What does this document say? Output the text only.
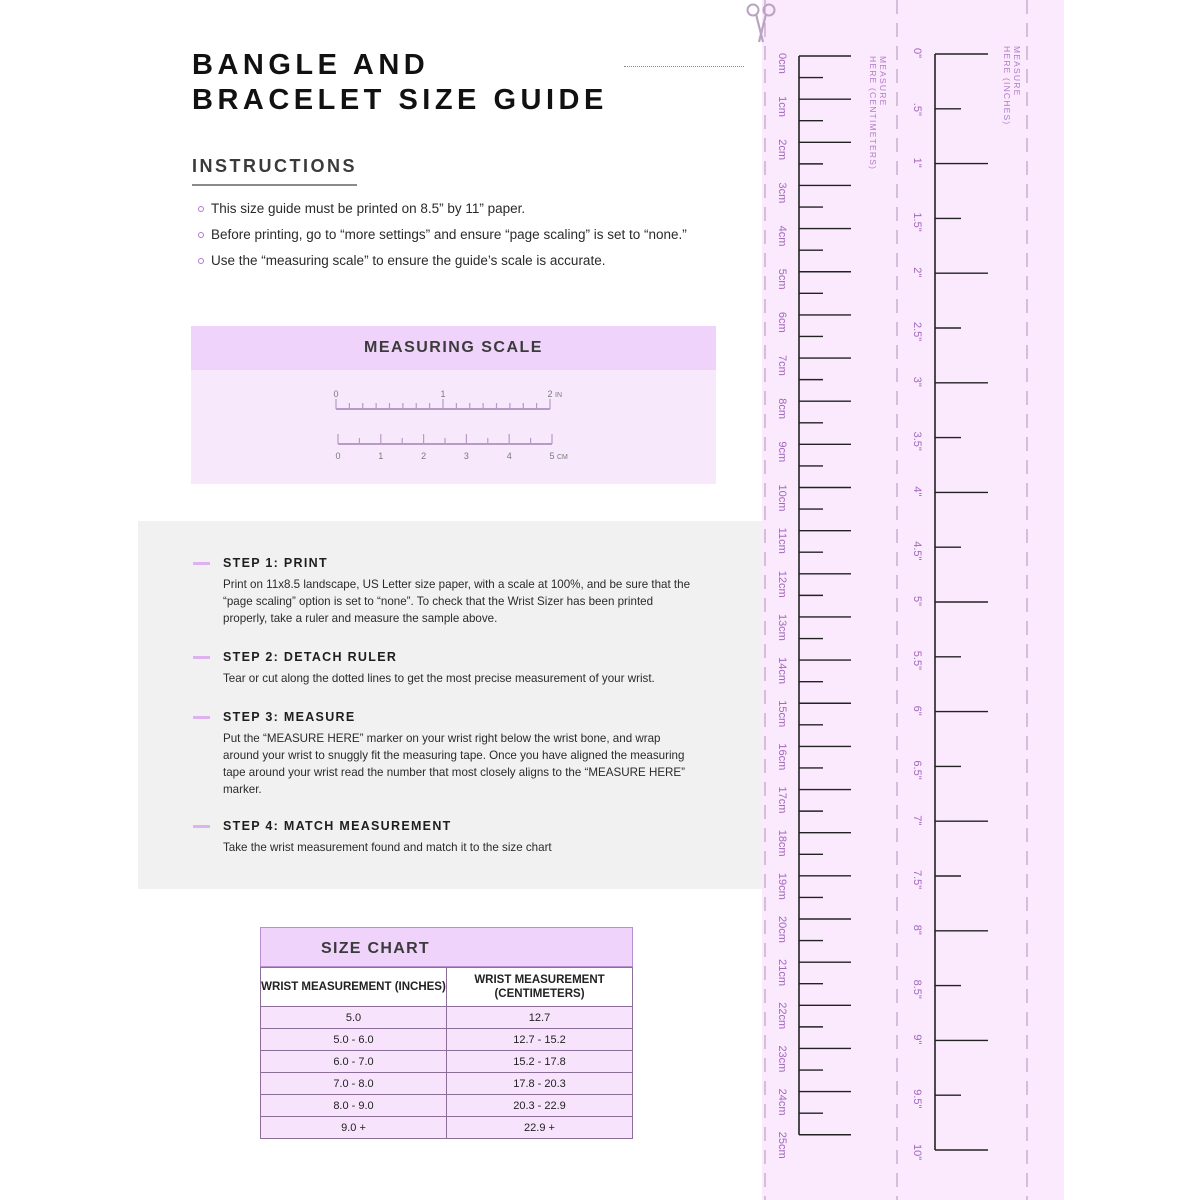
BANGLE AND BRACELET SIZE GUIDE
INSTRUCTIONS
This size guide must be printed on 8.5” by 11” paper.
Before printing, go to “more settings” and ensure “page scaling” is set to “none.”
Use the “measuring scale” to ensure the guide’s scale is accurate.
MEASURING SCALE
0	1	2 IN
0	1	2	3	4	5 CM
STEP 1: PRINT

Print on 11x8.5 landscape, US Letter size paper, with a scale at 100%, and be sure that the “page scaling” option is set to “none”. To check that the Wrist Sizer has been printed properly, take a ruler and measure the sample above.

STEP 2: DETACH RULER

Tear or cut along the dotted lines to get the most precise measurement of your wrist.

STEP 3: MEASURE

Put the “MEASURE HERE” marker on your wrist right below the wrist bone, and wrap around your wrist to snuggly fit the measuring tape. Once you have aligned the measuring tape around your wrist read the number that most closely aligns to the “MEASURE HERE” marker.

STEP 4: MATCH MEASUREMENT

Take the wrist measurement found and match it to the size chart

SIZE CHART
WRIST MEASUREMENT (INCHES)	WRIST MEASUREMENT (CENTIMETERS)
5.0	12.7
5.0 - 6.0	12.7 - 15.2
6.0 - 7.0	15.2 - 17.8
7.0 - 8.0	17.8 - 20.3
8.0 - 9.0	20.3 - 22.9
9.0 +	22.9 +
0cm
1cm
2cm
3cm
4cm
5cm
6cm
7cm
8cm
9cm
10cm
11cm
12cm
13cm
14cm
15cm
16cm
17cm
18cm
19cm
20cm
21cm
22cm
23cm
24cm
25cm
0"
.5"
1"
1.5"
2"
2.5"
3"
3.5"
4"
4.5"
5"
5.5"
6"
6.5"
7"
7.5"
8"
8.5"
9"
9.5"
10"
MEASUREHERE (CENTIMETERS)	MEASUREHERE (INCHES)
